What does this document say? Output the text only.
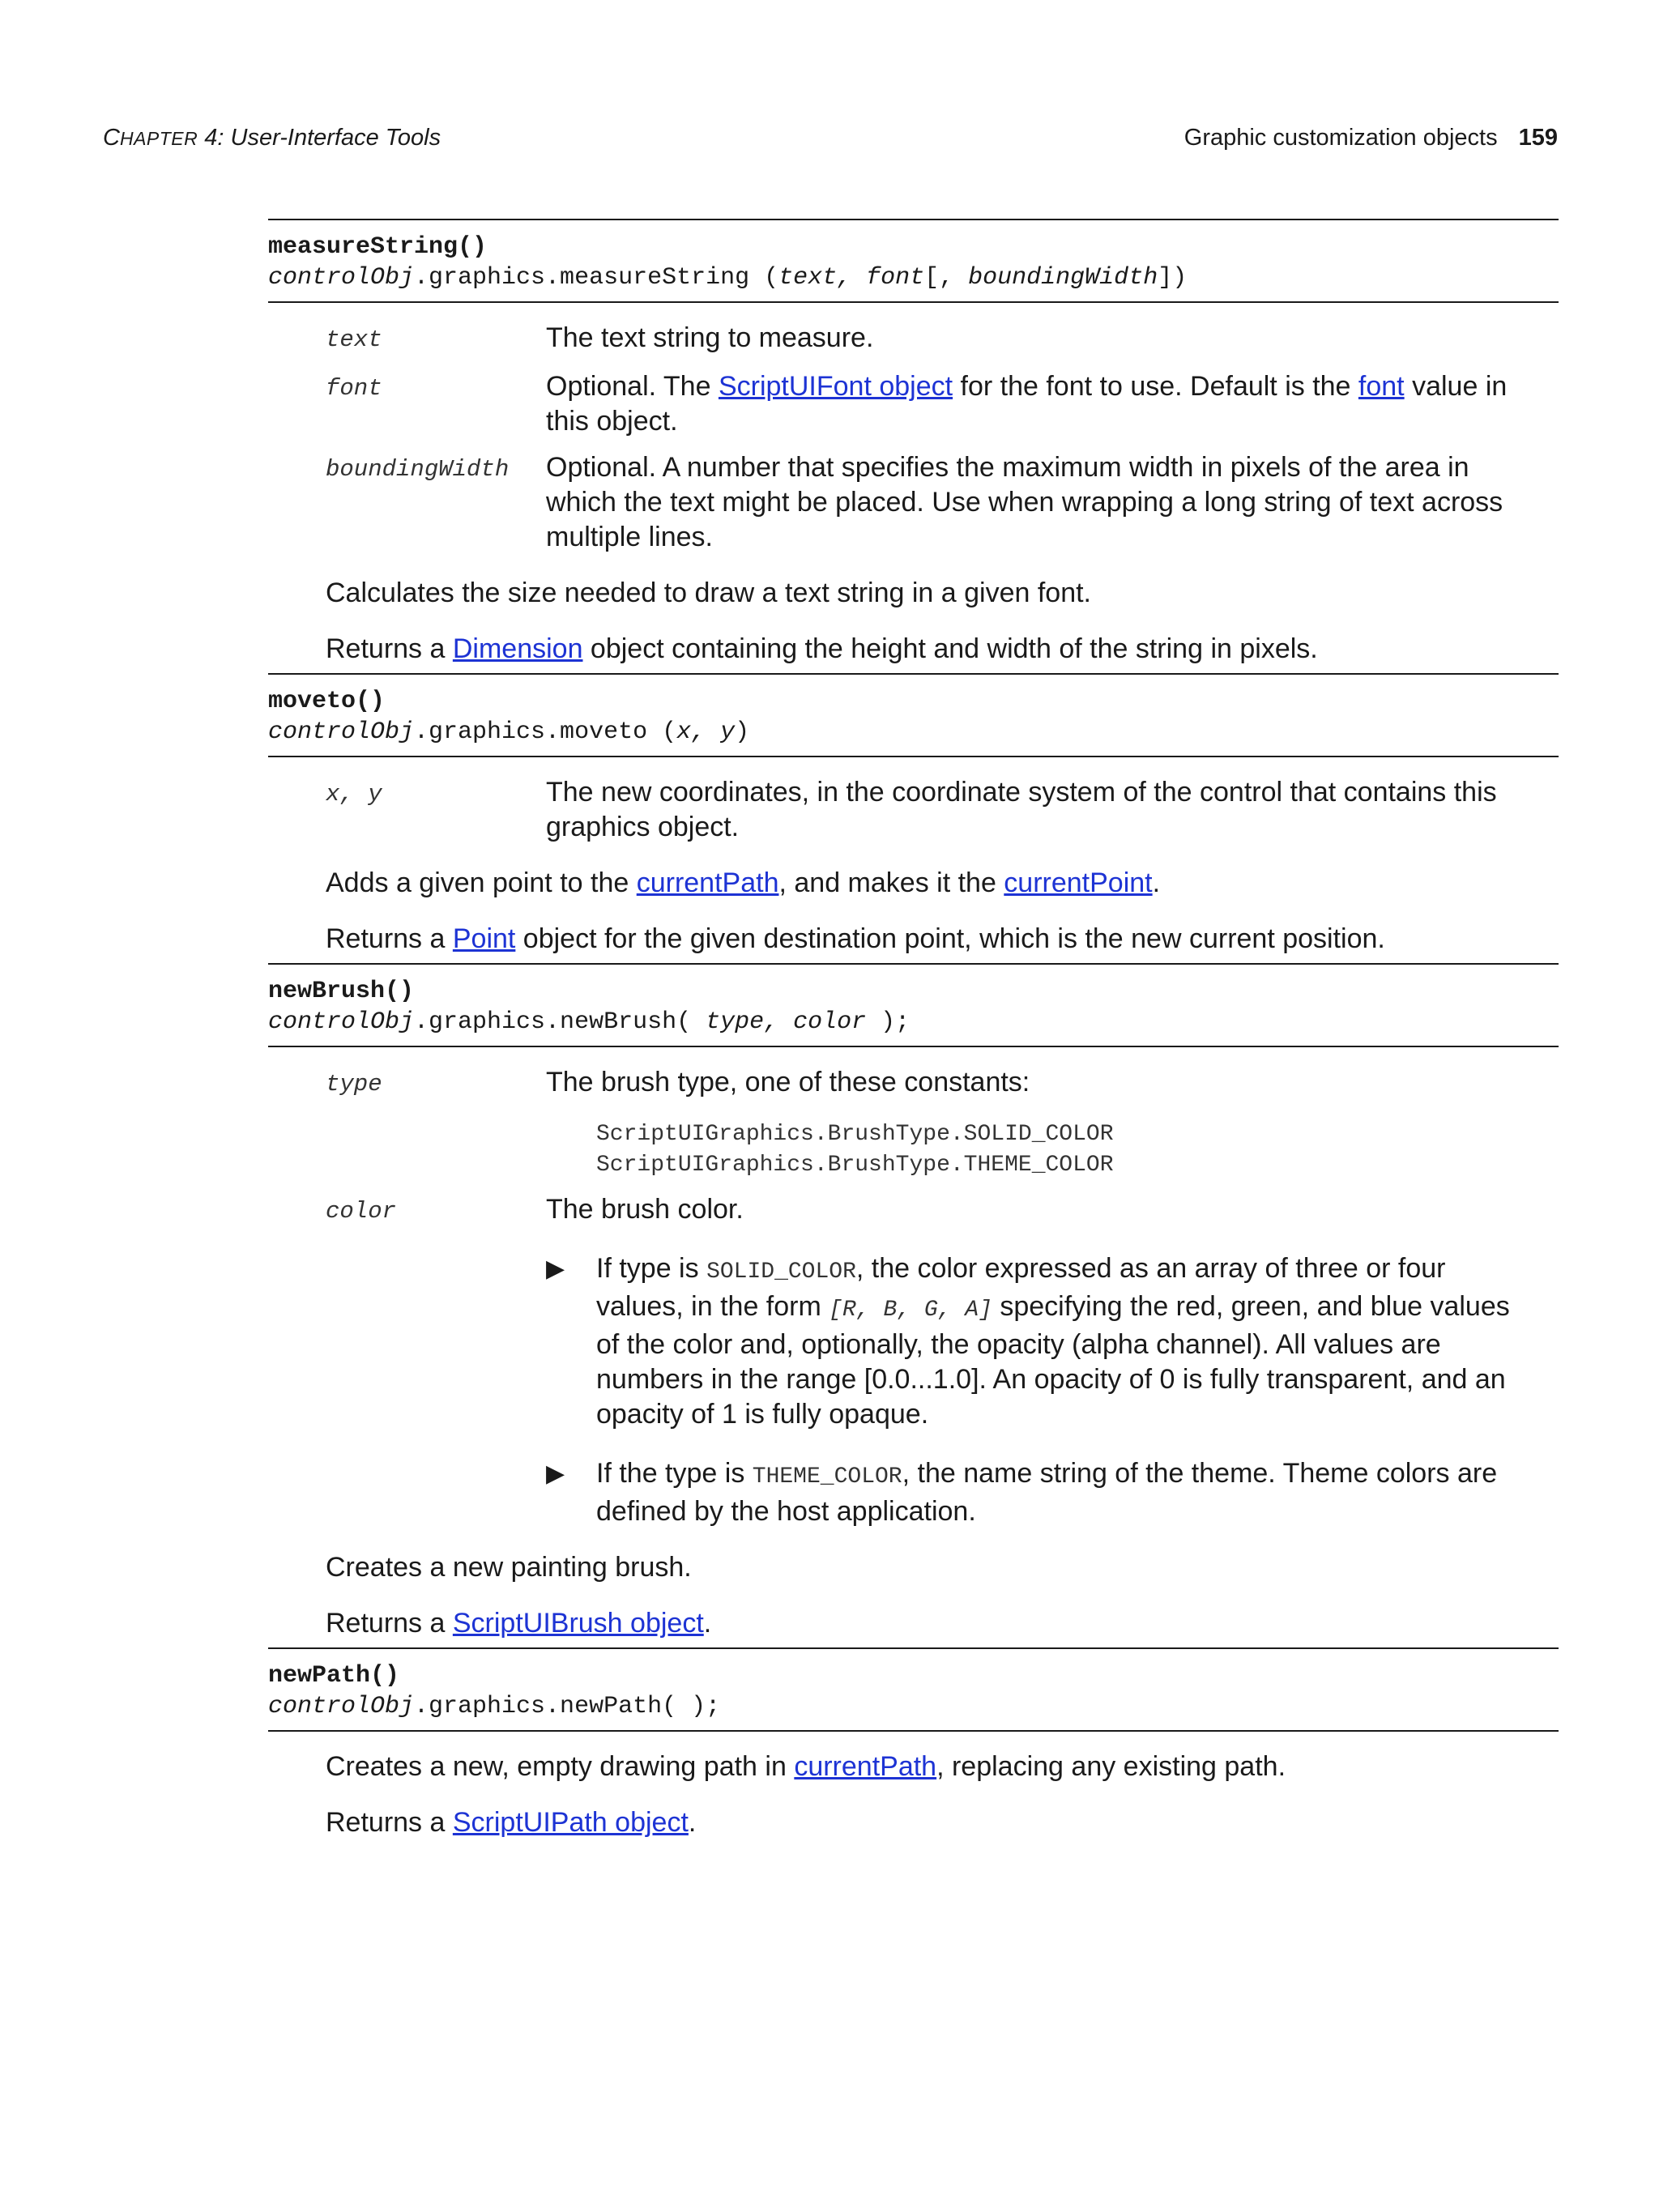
CHAPTER 4: User-Interface Tools	Graphic customization objects 159
measureString()
controlObj.graphics.measureString (text, font[, boundingWidth])
text	The text string to measure.
font	Optional. The ScriptUIFont object for the font to use. Default is the font value in this object.
boundingWidth	Optional. A number that specifies the maximum width in pixels of the area in which the text might be placed. Use when wrapping a long string of text across multiple lines.

Calculates the size needed to draw a text string in a given font.

Returns a Dimension object containing the height and width of the string in pixels.

moveto()
controlObj.graphics.moveto (x, y)
x, y	The new coordinates, in the coordinate system of the control that contains this graphics object.

Adds a given point to the currentPath, and makes it the currentPoint.

Returns a Point object for the given destination point, which is the new current position.

newBrush()
controlObj.graphics.newBrush( type, color );
type	The brush type, one of these constants:
ScriptUIGraphics.BrushType.SOLID_COLOR
ScriptUIGraphics.BrushType.THEME_COLOR
color	The brush color.
▶	If type is SOLID_COLOR, the color expressed as an array of three or four values, in the form [R, B, G, A] specifying the red, green, and blue values of the color and, optionally, the opacity (alpha channel). All values are numbers in the range [0.0...1.0]. An opacity of 0 is fully transparent, and an opacity of 1 is fully opaque.
▶	If the type is THEME_COLOR, the name string of the theme. Theme colors are defined by the host application.

Creates a new painting brush.

Returns a ScriptUIBrush object.

newPath()
controlObj.graphics.newPath( );

Creates a new, empty drawing path in currentPath, replacing any existing path.

Returns a ScriptUIPath object.
